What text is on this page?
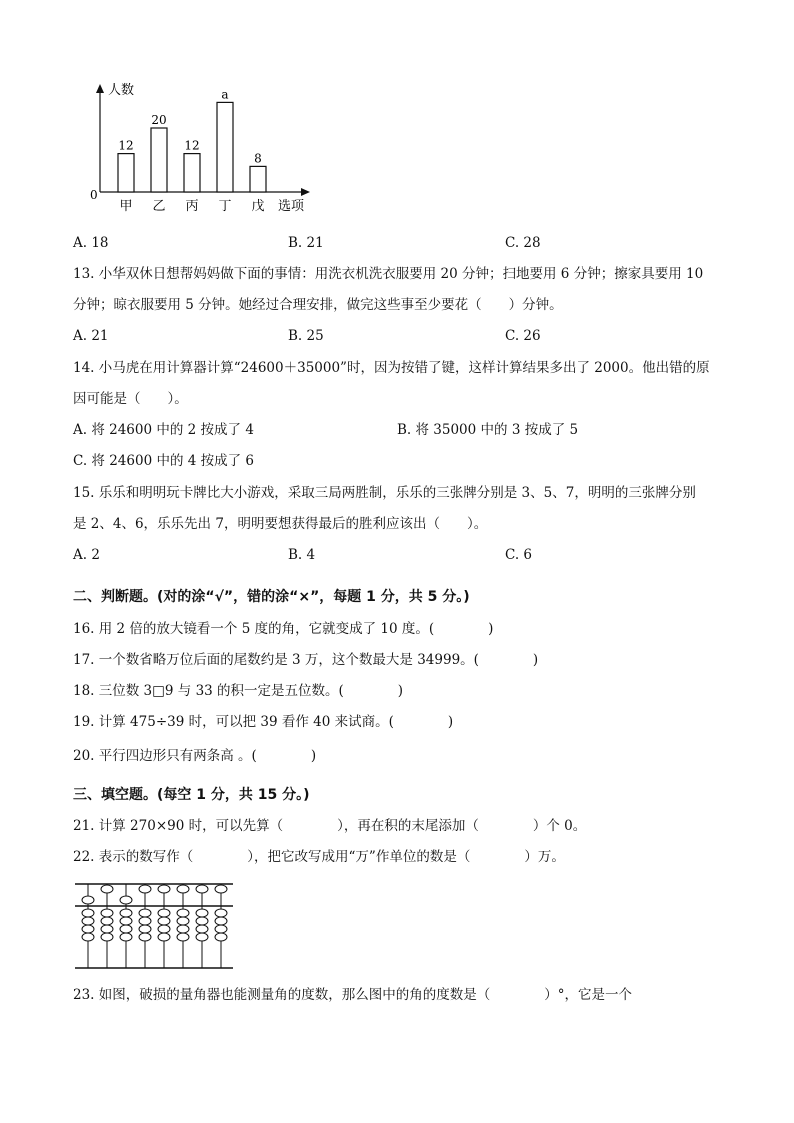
人数
选项
0
12
甲
20
乙
12
丙
a
丁
8
戊
A. 18	B. 21	C. 28
13. 小华双休日想帮妈妈做下面的事情：用洗衣机洗衣服要用 20 分钟；扫地要用 6 分钟；擦家具要用 10
分钟；晾衣服要用 5 分钟。她经过合理安排，做完这些事至少要花（　　）分钟。
A. 21	B. 25	C. 26
14. 小马虎在用计算器计算“24600＋35000”时，因为按错了键，这样计算结果多出了 2000。他出错的原
因可能是（　　）。
A. 将 24600 中的 2 按成了 4	B. 将 35000 中的 3 按成了 5
C. 将 24600 中的 4 按成了 6
15. 乐乐和明明玩卡牌比大小游戏，采取三局两胜制，乐乐的三张牌分别是 3、5、7，明明的三张牌分别
是 2、4、6，乐乐先出 7，明明要想获得最后的胜利应该出（　　）。
A. 2	B. 4	C. 6
二、判断题。(对的涂“√”，错的涂“×”，每题 1 分，共 5 分。)
16. 用 2 倍的放大镜看一个 5 度的角，它就变成了 10 度。(　　　　)
17. 一个数省略万位后面的尾数约是 3 万，这个数最大是 34999。(　　　　)
18. 三位数 3□9 与 33 的积一定是五位数。(　　　　)
19. 计算 475÷39 时，可以把 39 看作 40 来试商。(　　　　)
20. 平行四边形只有两条高 。(　　　　)
三、填空题。(每空 1 分，共 15 分。)
21. 计算 270×90 时，可以先算（　　　　），再在积的末尾添加（　　　　）个 0。
22. 表示的数写作（　　　　），把它改写成用“万”作单位的数是（　　　　）万。
23. 如图，破损的量角器也能测量角的度数，那么图中的角的度数是（　　　　）°，它是一个
